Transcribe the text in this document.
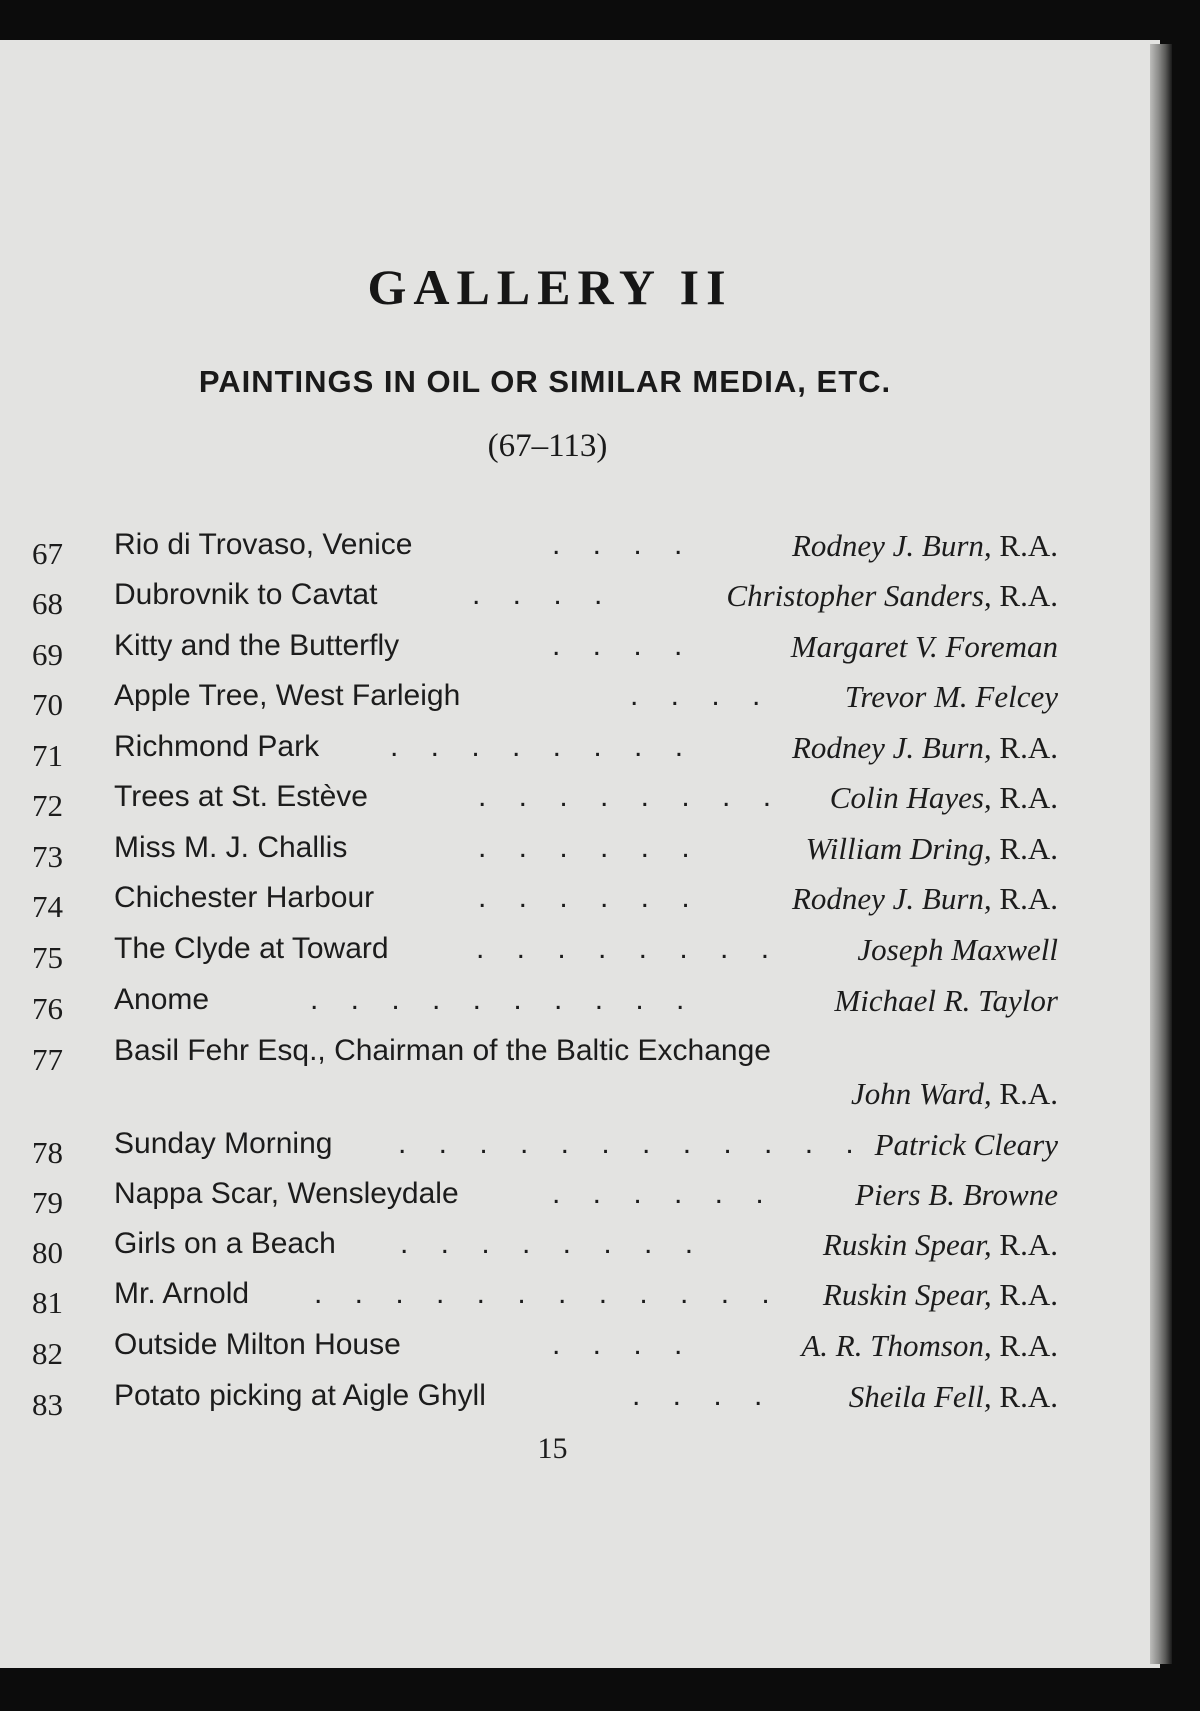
GALLERY II
PAINTINGS IN OIL OR SIMILAR MEDIA, ETC.
(67–113)
67 Rio di Trovaso, Venice	. . . .	Rodney J. Burn, R.A.
68 Dubrovnik to Cavtat	. . . .	Christopher Sanders, R.A.
69 Kitty and the Butterfly	. . . .	Margaret V. Foreman
70 Apple Tree, West Farleigh	. . . .	Trevor M. Felcey
71 Richmond Park . . . . . . . .	Rodney J. Burn, R.A.
72 Trees at St. Estève	. . . . . . . . Colin Hayes, R.A.
73 Miss M. J. Challis	. . . . . .	William Dring, R.A.
74 Chichester Harbour	. . . . . .	Rodney J. Burn, R.A.
75 The Clyde at Toward	. . . . . . . .	Joseph Maxwell
76 Anome	. . . . . . . . . .	Michael R. Taylor
77 Basil Fehr Esq., Chairman of the Baltic Exchange
John Ward, R.A.
78 Sunday Morning . . . . . . . . . . . . Patrick Cleary
79 Nappa Scar, Wensleydale	. . . . . .	Piers B. Browne
80 Girls on a Beach . . . . . . . .	Ruskin Spear, R.A.
81 Mr. Arnold . . . . . . . . . . . . Ruskin Spear, R.A.
82 Outside Milton House	. . . .	A. R. Thomson, R.A.
83 Potato picking at Aigle Ghyll	. . . .	Sheila Fell, R.A.
15
